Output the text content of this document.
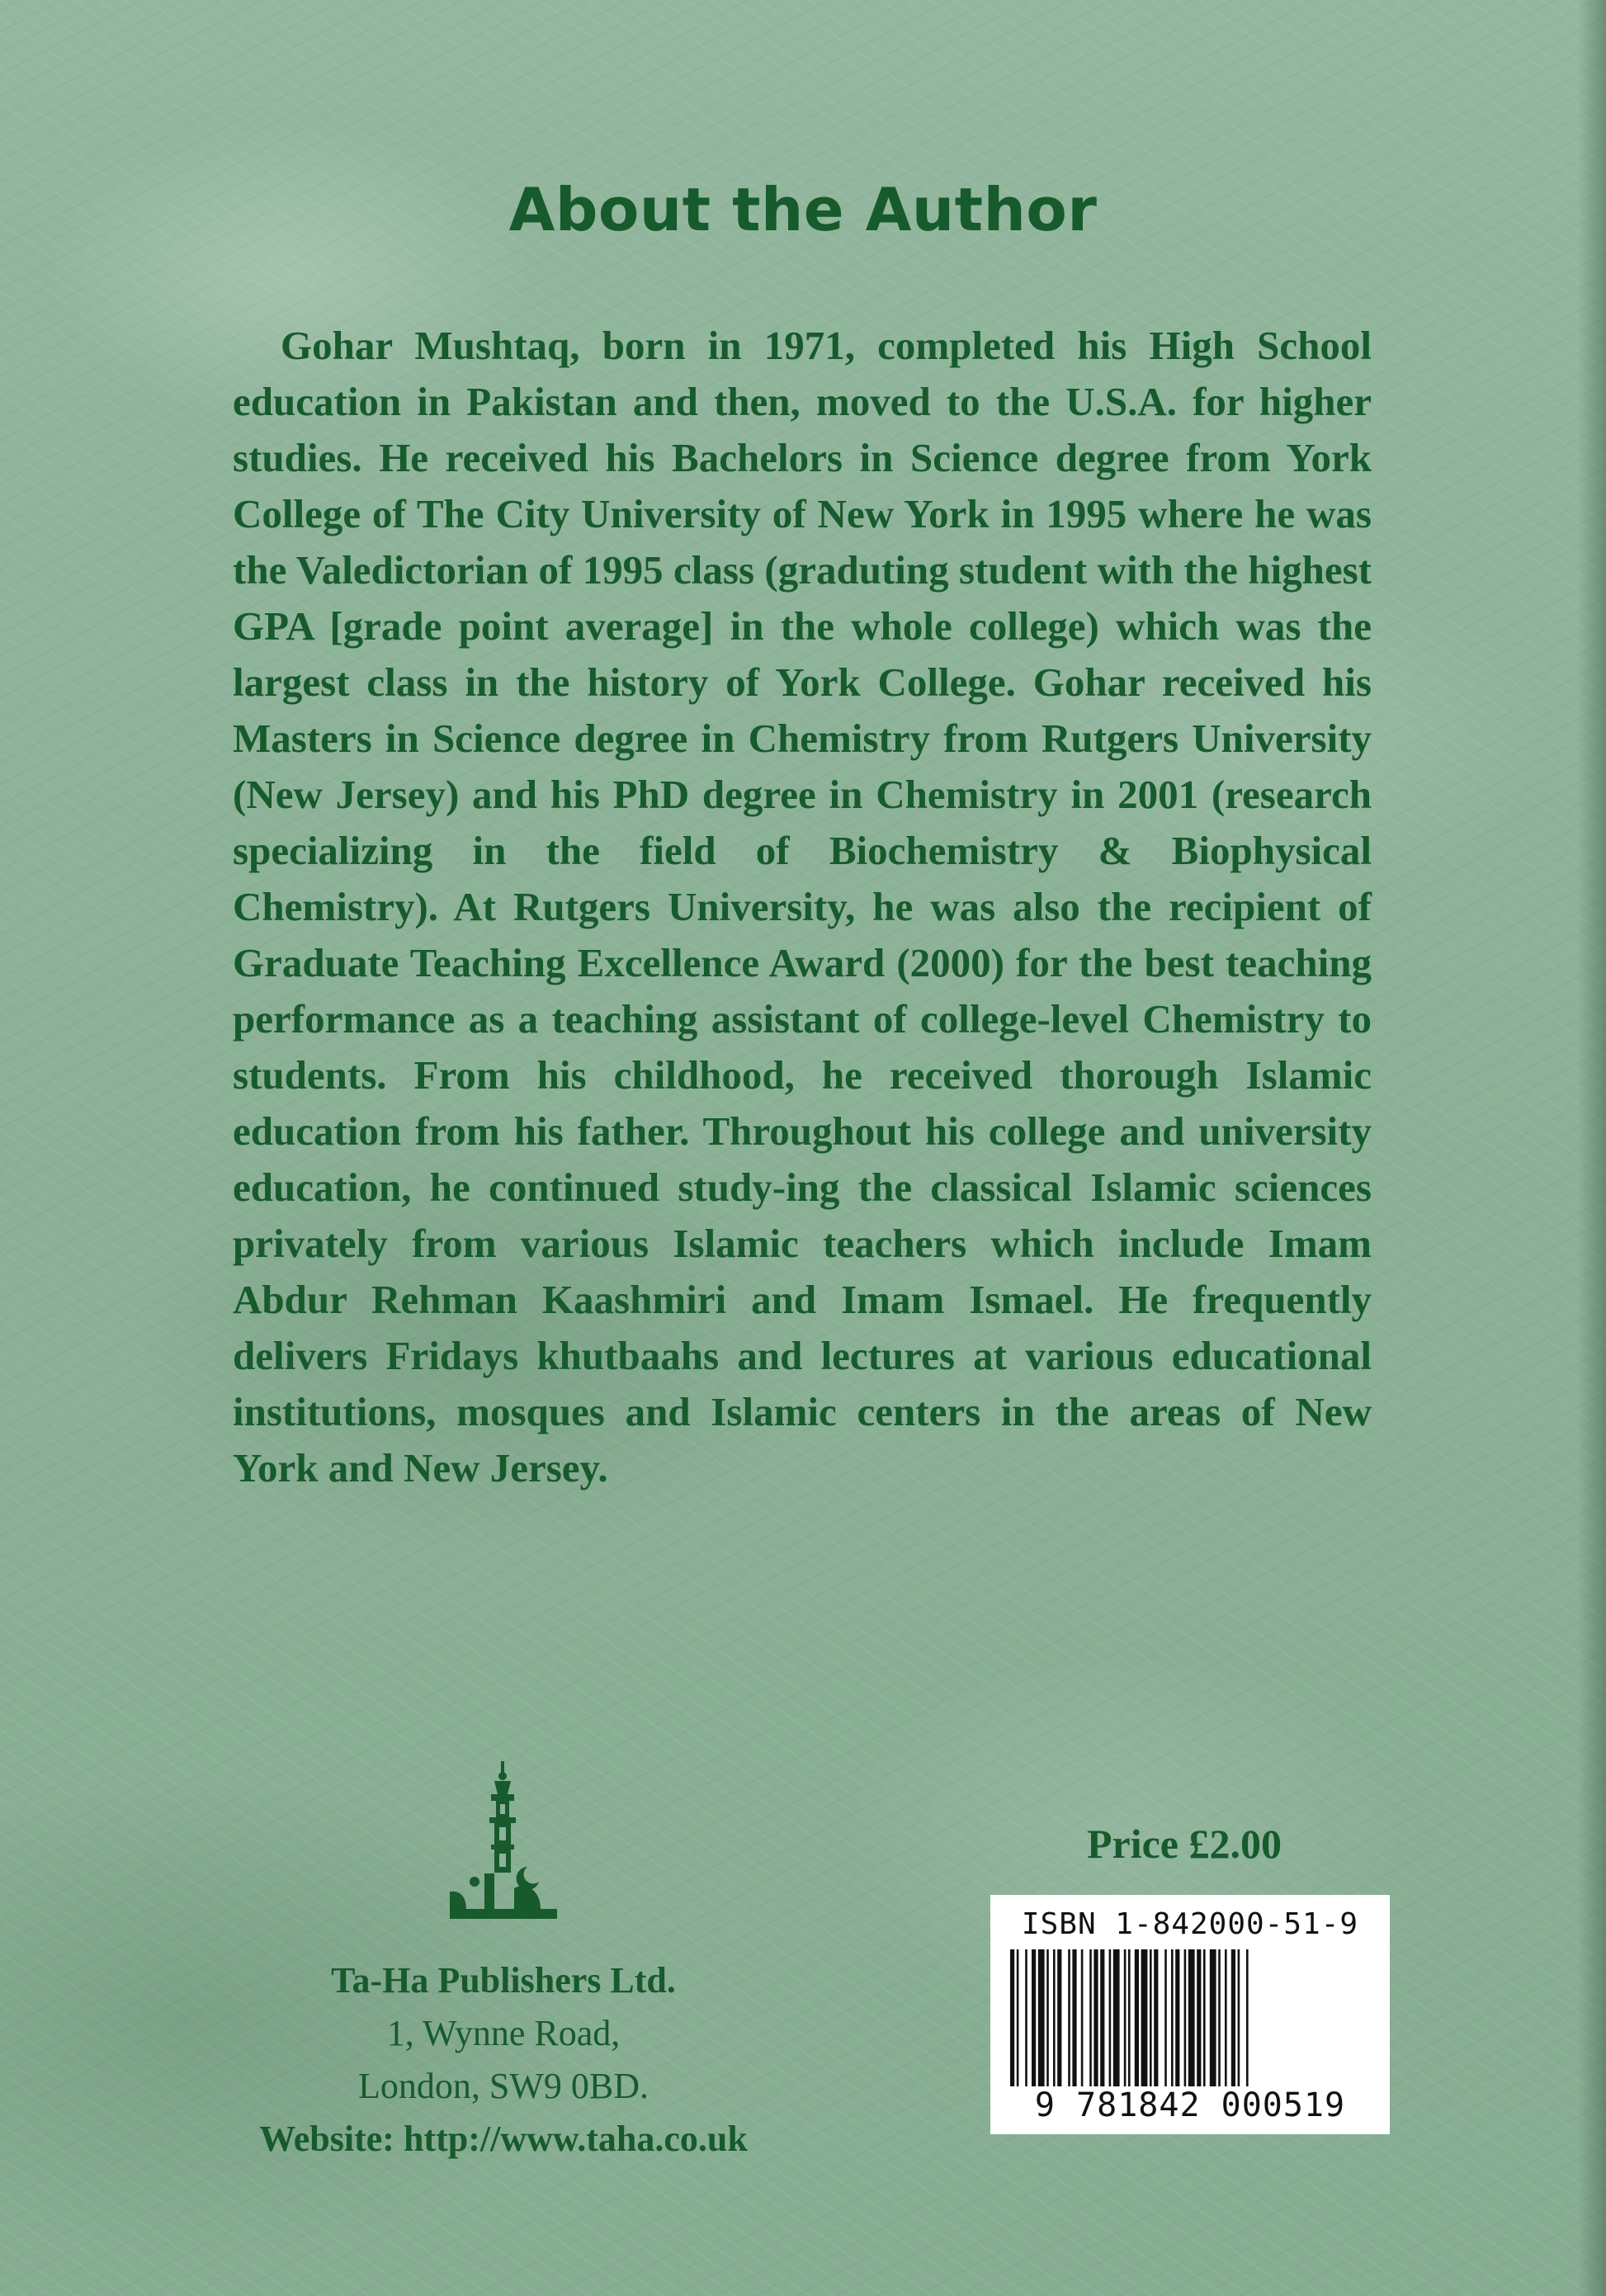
About the Author

Gohar Mushtaq, born in 1971, completed his High School education in Pakistan and then, moved to the U.S.A. for higher studies. He received his Bachelors in Science degree from York College of The City University of New York in 1995 where he was the Valedictorian of 1995 class (graduting student with the highest GPA [grade point average] in the whole college) which was the largest class in the history of York College. Gohar received his Masters in Science degree in Chemistry from Rutgers University (New Jersey) and his PhD degree in Chemistry in 2001 (research specializing in the field of Biochemistry & Biophysical Chemistry). At Rutgers University, he was also the recipient of Graduate Teaching Excellence Award (2000) for the best teaching performance as a teaching assistant of college-level Chemistry to students. From his childhood, he received thorough Islamic education from his father. Throughout his college and university education, he continued study-ing the classical Islamic sciences privately from various Islamic teachers which include Imam Abdur Rehman Kaashmiri and Imam Ismael. He frequently delivers Fridays khutbaahs and lectures at various educational institutions, mosques and Islamic centers in the areas of New York and New Jersey.

Ta-Ha Publishers Ltd.
1, Wynne Road,
London, SW9 0BD.
Website: http://www.taha.co.uk
Price £2.00
ISBN 1-842000-51-9
9 781842 000519
